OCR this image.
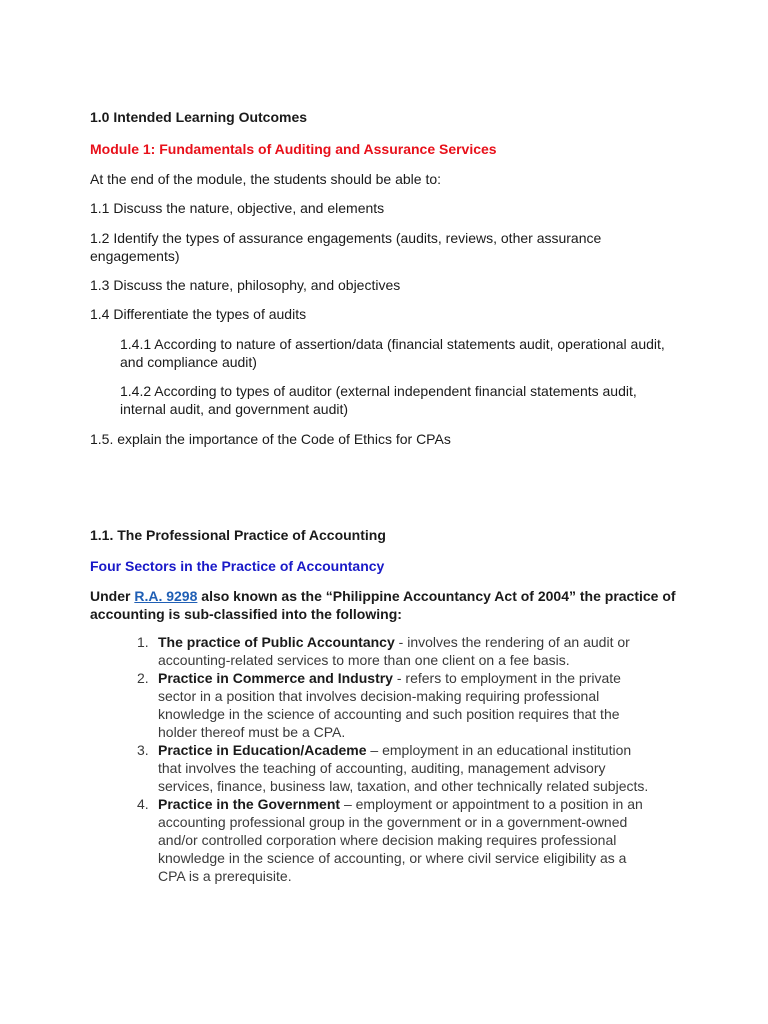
1.0 Intended Learning Outcomes

Module 1: Fundamentals of Auditing and Assurance Services

At the end of the module, the students should be able to:

1.1 Discuss the nature, objective, and elements

1.2 Identify the types of assurance engagements (audits, reviews, other assurance engagements)

1.3 Discuss the nature, philosophy, and objectives

1.4 Differentiate the types of audits

1.4.1 According to nature of assertion/data (financial statements audit, operational audit, and compliance audit)

1.4.2 According to types of auditor (external independent financial statements audit, internal audit, and government audit)

1.5. explain the importance of the Code of Ethics for CPAs

1.1. The Professional Practice of Accounting

Four Sectors in the Practice of Accountancy

Under R.A. 9298 also known as the “Philippine Accountancy Act of 2004” the practice of accounting is sub-classified into the following:

1. The practice of Public Accountancy - involves the rendering of an audit or accounting-related services to more than one client on a fee basis.
2. Practice in Commerce and Industry - refers to employment in the private sector in a position that involves decision-making requiring professional knowledge in the science of accounting and such position requires that the holder thereof must be a CPA.
3. Practice in Education/Academe – employment in an educational institution that involves the teaching of accounting, auditing, management advisory services, finance, business law, taxation, and other technically related subjects.
4. Practice in the Government – employment or appointment to a position in an accounting professional group in the government or in a government-owned and/or controlled corporation where decision making requires professional knowledge in the science of accounting, or where civil service eligibility as a CPA is a prerequisite.
